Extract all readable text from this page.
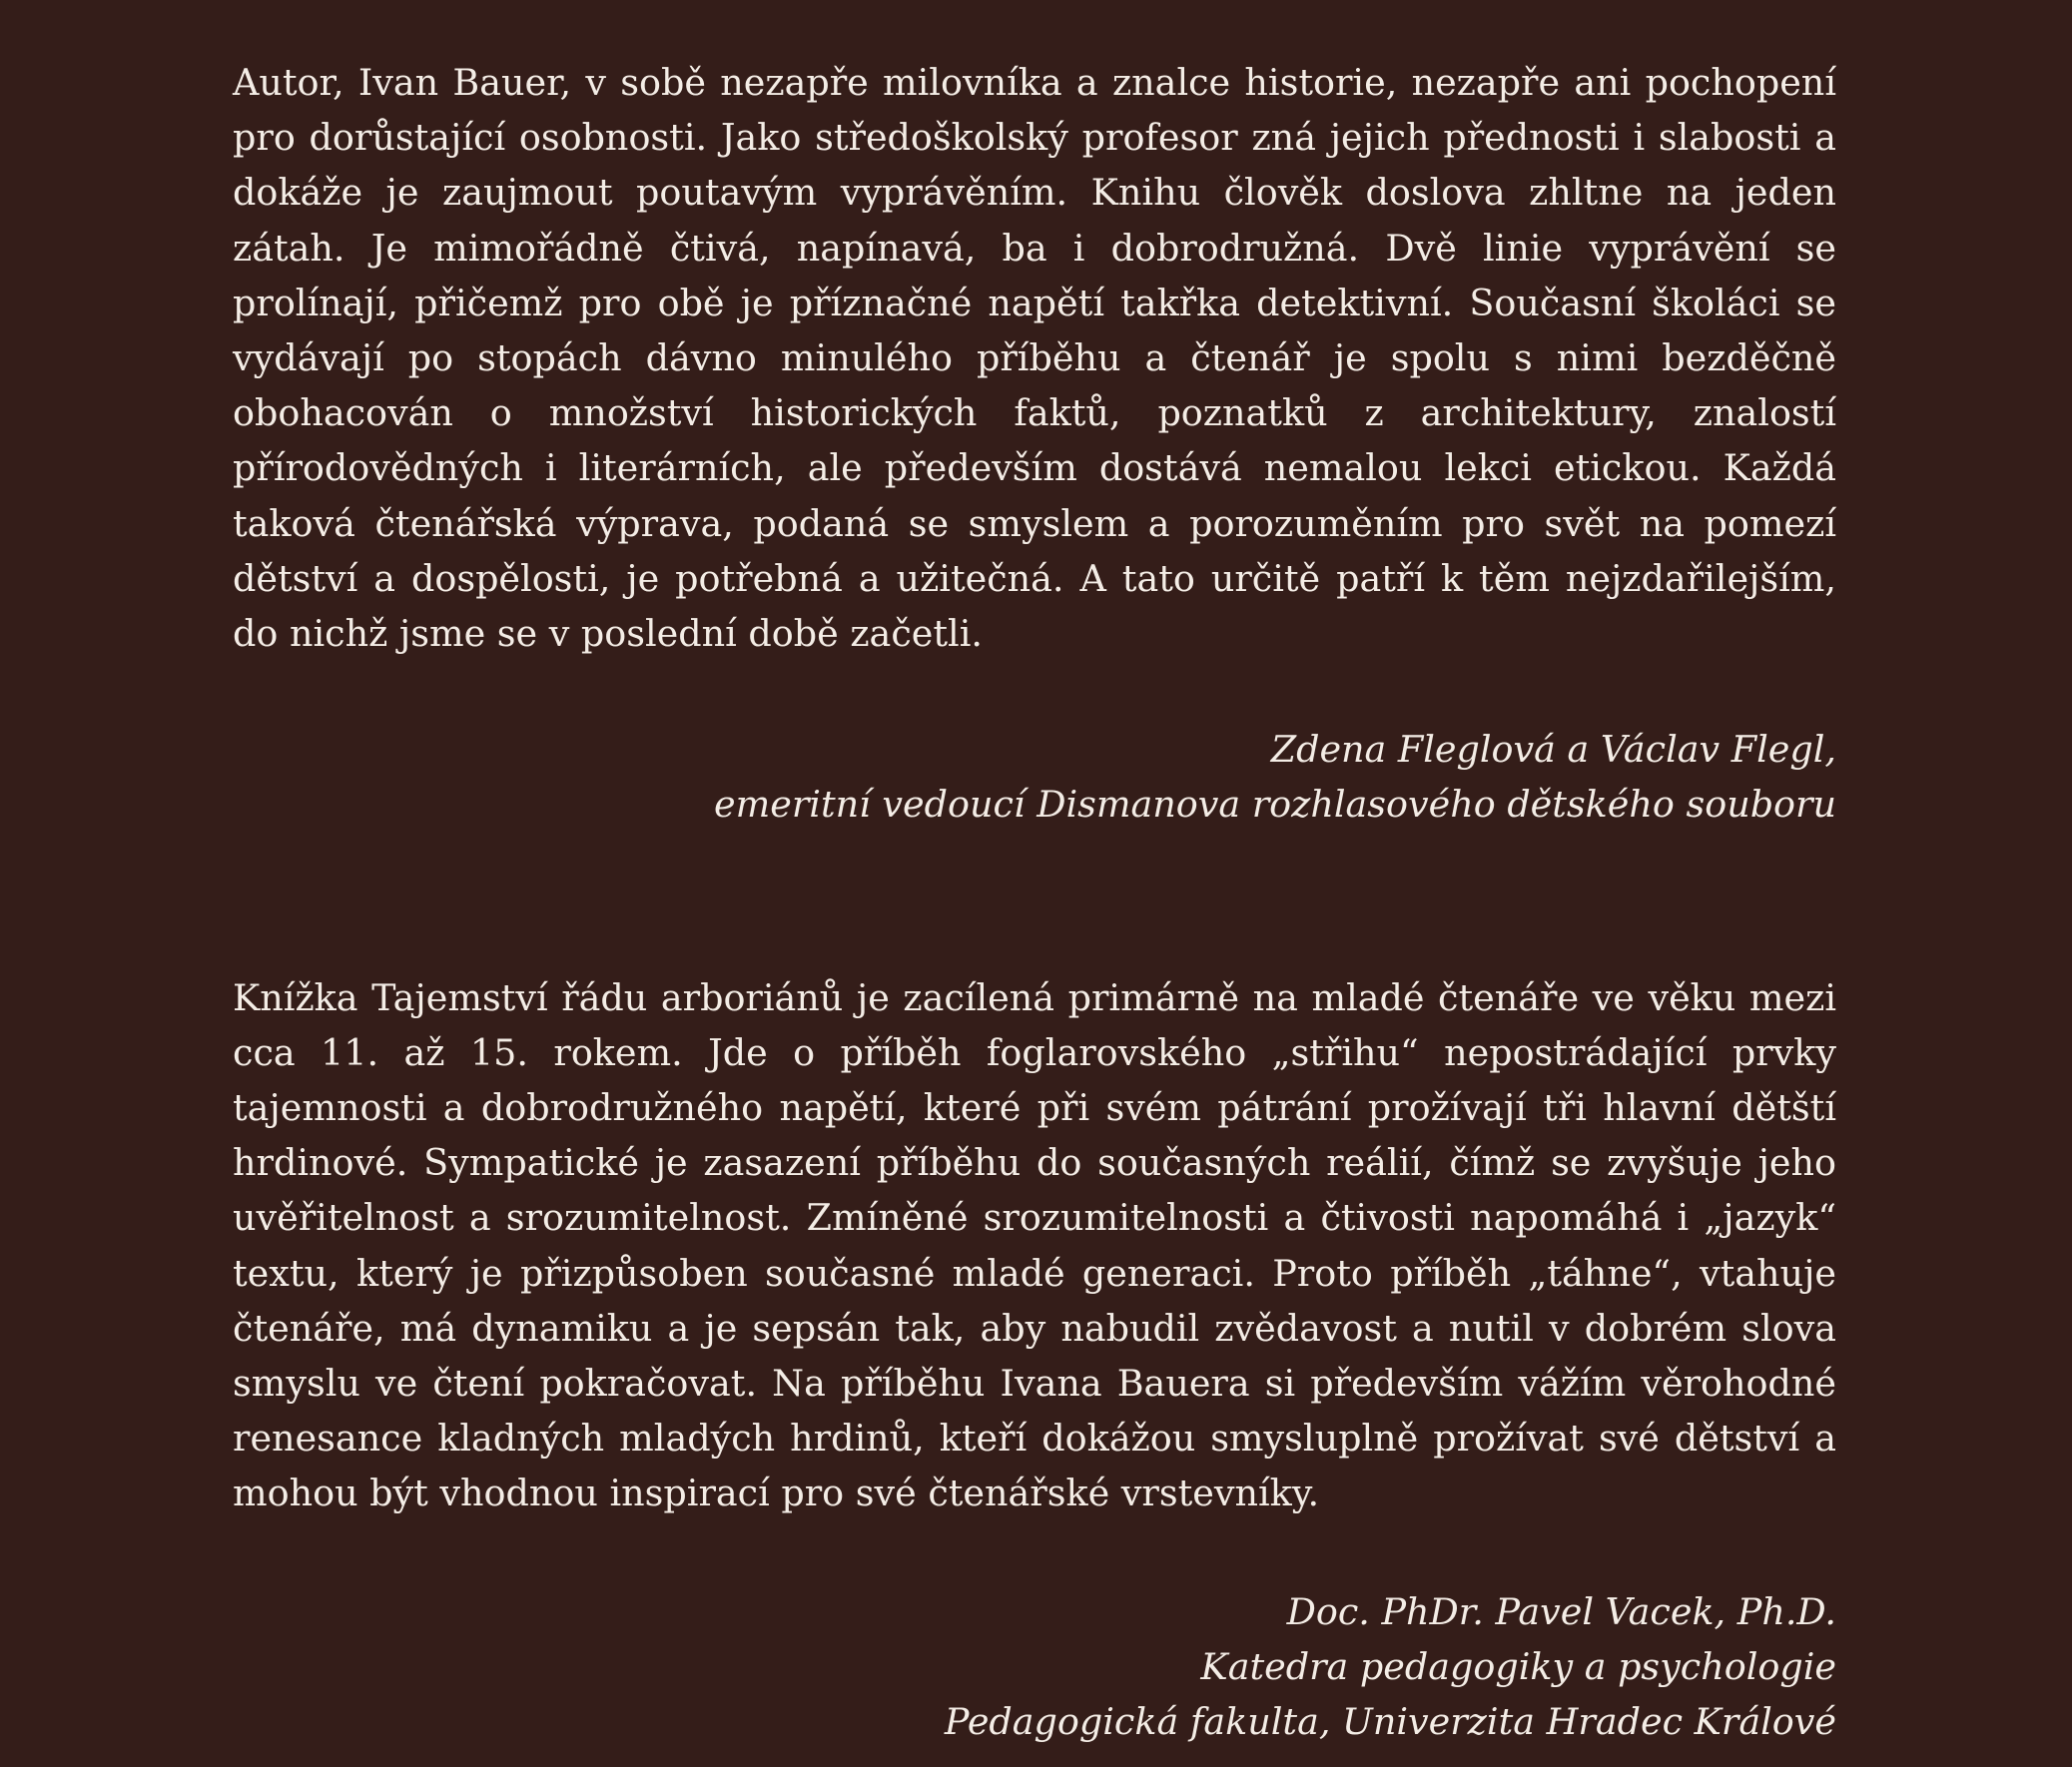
Autor, Ivan Bauer, v sobě nezapře milovníka a znalce historie, nezapře ani pochopení pro dorůstající osobnosti. Jako středoškolský profesor zná jejich přednosti i slabosti a dokáže je zaujmout poutavým vyprávěním. Knihu člověk doslova zhltne na jeden zátah. Je mimořádně čtivá, napínavá, ba i dobrodružná. Dvě linie vyprávění se prolínají, přičemž pro obě je příznačné napětí takřka detektivní. Současní školáci se vydávají po stopách dávno minulého příběhu a čtenář je spolu s nimi bezděčně obohacován o množství historických faktů, poznatků z architektury, znalostí přírodovědných i literárních, ale především dostává nemalou lekci etickou. Každá taková čtenářská výprava, podaná se smyslem a porozuměním pro svět na pomezí dětství a dospělosti, je potřebná a užitečná. A tato určitě patří k těm nejzdařilejším, do nichž jsme se v poslední době začetli.

Zdena Fleglová a Václav Flegl,
emeritní vedoucí Dismanova rozhlasového dětského souboru

Knížka Tajemství řádu arboriánů je zacílená primárně na mladé čtenáře ve věku mezi cca 11. až 15. rokem. Jde o příběh foglarovského „střihu“ nepostrádající prvky tajemnosti a dobrodružného napětí, které při svém pátrání prožívají tři hlavní dětští hrdinové. Sympatické je zasazení příběhu do současných reálií, čímž se zvyšuje jeho uvěřitelnost a srozumitelnost. Zmíněné srozumitelnosti a čtivosti napomáhá i „jazyk“ textu, který je přizpůsoben současné mladé generaci. Proto příběh „táhne“, vtahuje čtenáře, má dynamiku a je sepsán tak, aby nabudil zvědavost a nutil v dobrém slova smyslu ve čtení pokračovat. Na příběhu Ivana Bauera si především vážím věrohodné renesance kladných mladých hrdinů, kteří dokážou smysluplně prožívat své dětství a mohou být vhodnou inspirací pro své čtenářské vrstevníky.

Doc. PhDr. Pavel Vacek, Ph.D.
Katedra pedagogiky a psychologie
Pedagogická fakulta, Univerzita Hradec Králové
